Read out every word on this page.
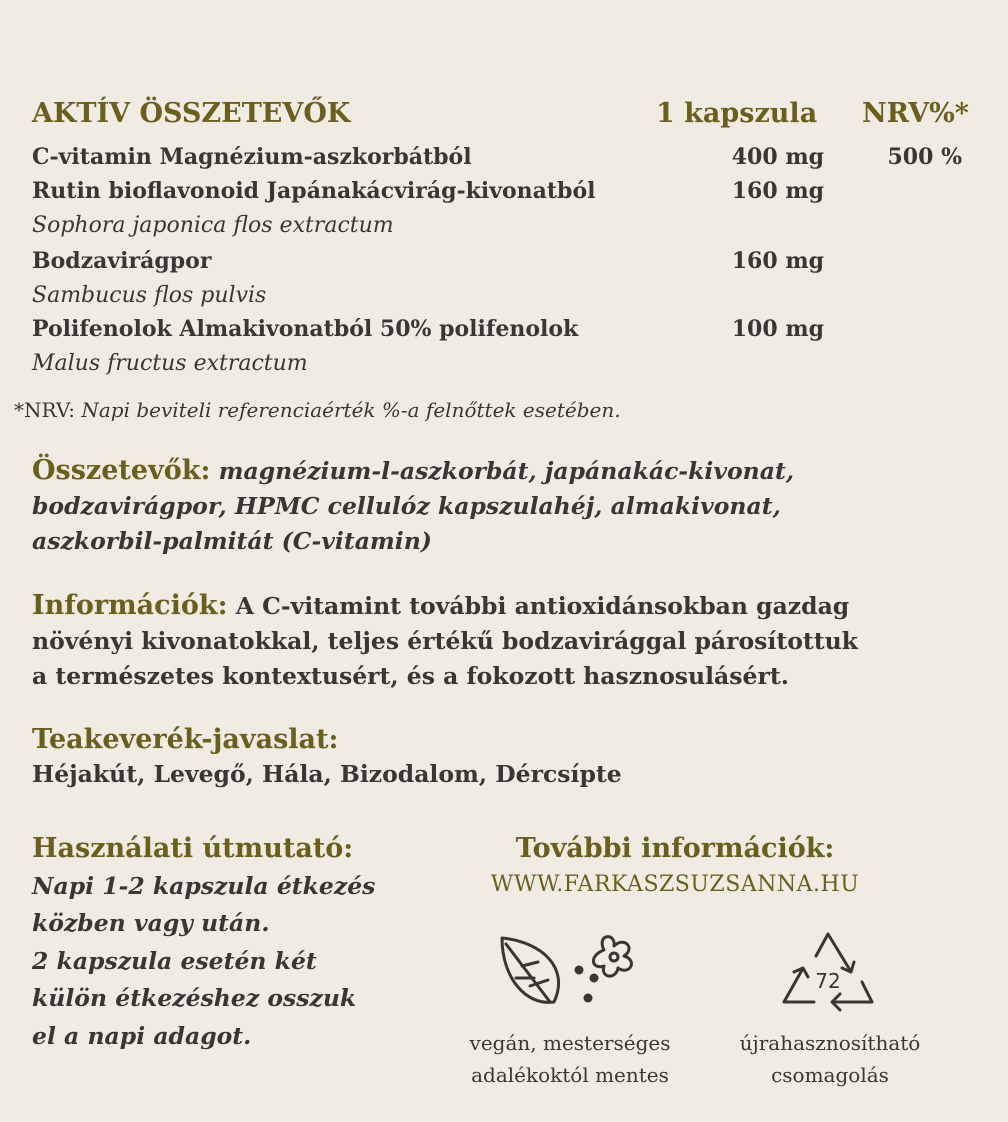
AKTÍV ÖSSZETEVŐK	1 kapszula NRV%*
C-vitamin Magnézium-aszkorbátból	400 mg	500 %
Rutin bioflavonoid Japánakácvirág-kivonatból	160 mg
Sophora japonica flos extractum
Bodzavirágpor	160 mg
Sambucus flos pulvis
Polifenolok Almakivonatból 50% polifenolok	100 mg
Malus fructus extractum
*NRV: Napi beviteli referenciaérték %-a felnőttek esetében.
Összetevők: magnézium-l-aszkorbát, japánakác-kivonat,
bodzavirágpor, HPMC cellulóz kapszulahéj, almakivonat,
aszkorbil-palmitát (C-vitamin)
Információk: A C-vitamint további antioxidánsokban gazdag
növényi kivonatokkal, teljes értékű bodzavirággal párosítottuk
a természetes kontextusért, és a fokozott hasznosulásért.
Teakeverék-javaslat:
Héjakút, Levegő, Hála, Bizodalom, Dércsípte
Használati útmutató:
Napi 1-2 kapszula étkezés
közben vagy után.
2 kapszula esetén két
külön étkezéshez osszuk
el a napi adagot.
További információk:
WWW.FARKASZSUZSANNA.HU
vegán, mesterséges
adalékoktól mentes
72
újrahasznosítható
csomagolás
